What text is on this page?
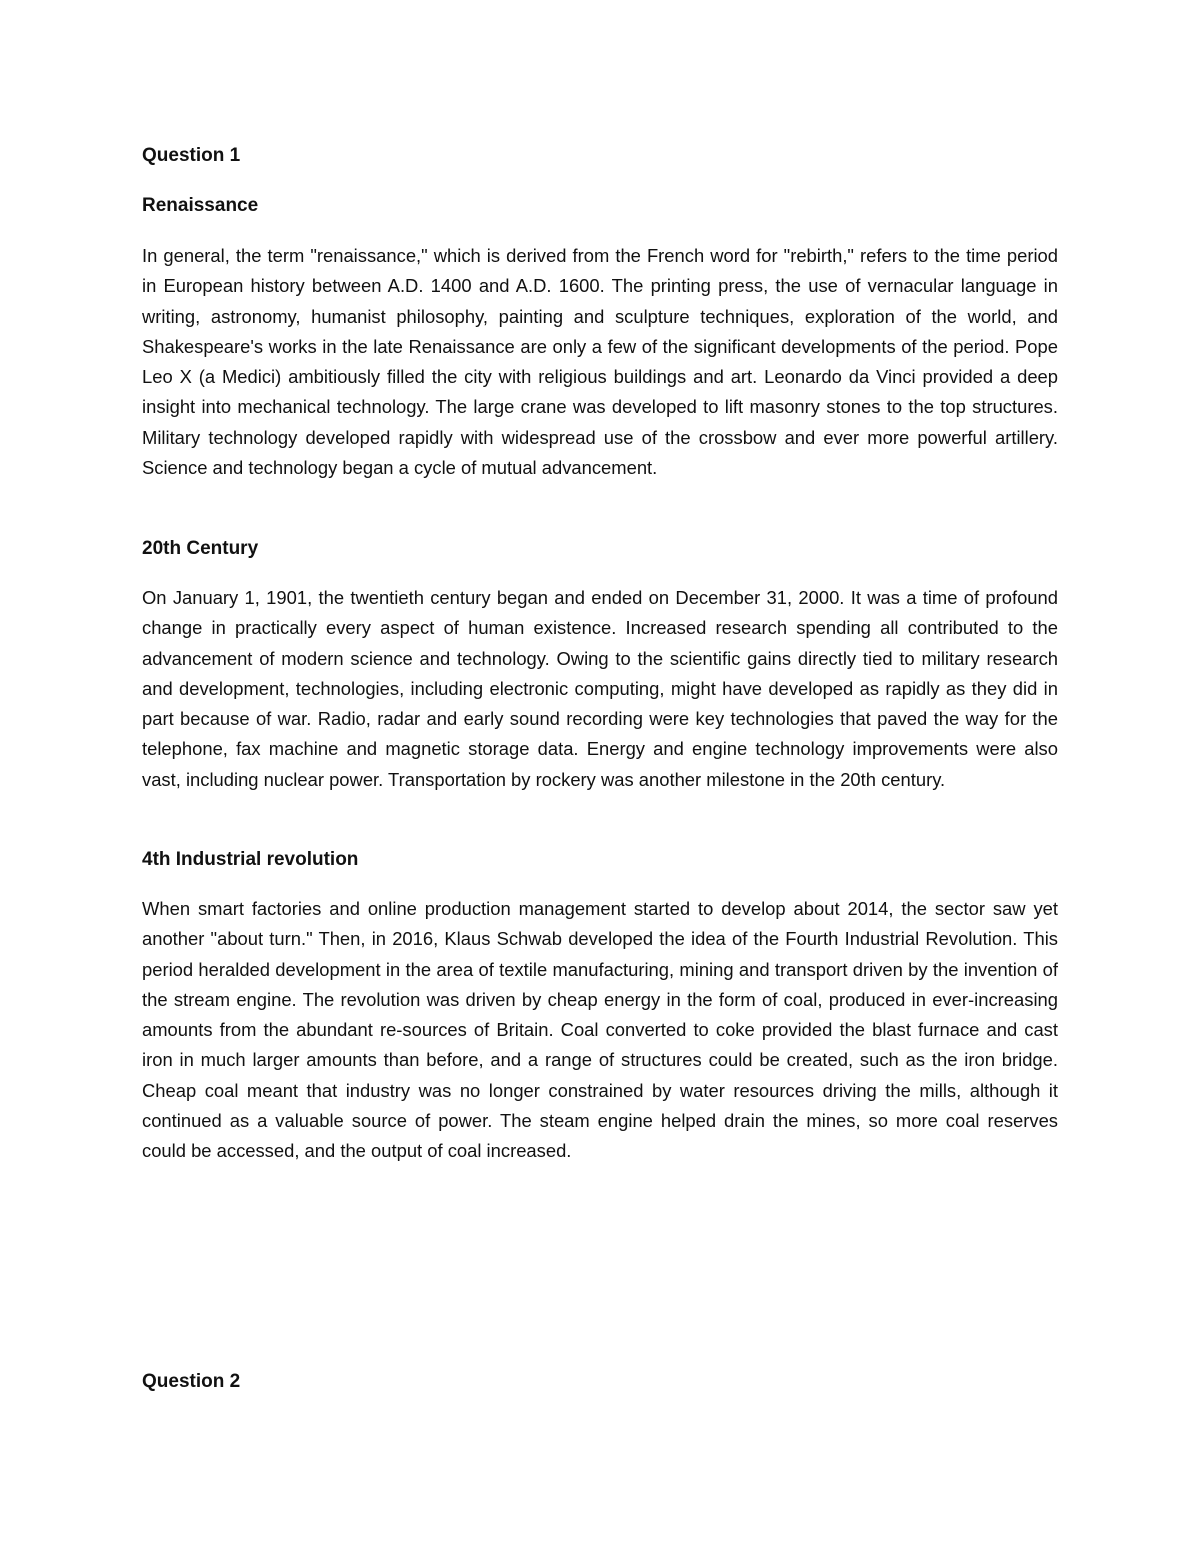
Question 1
Renaissance

In general, the term "renaissance," which is derived from the French word for "rebirth," refers to the time period in European history between A.D. 1400 and A.D. 1600. The printing press, the use of vernacular language in writing, astronomy, humanist philosophy, painting and sculpture techniques, exploration of the world, and Shakespeare's works in the late Renaissance are only a few of the significant developments of the period. Pope Leo X (a Medici) ambitiously filled the city with religious buildings and art. Leonardo da Vinci provided a deep insight into mechanical technology. The large crane was developed to lift masonry stones to the top structures. Military technology developed rapidly with widespread use of the crossbow and ever more powerful artillery. Science and technology began a cycle of mutual advancement.

20th Century

On January 1, 1901, the twentieth century began and ended on December 31, 2000. It was a time of profound change in practically every aspect of human existence. Increased research spending all contributed to the advancement of modern science and technology. Owing to the scientific gains directly tied to military research and development, technologies, including electronic computing, might have developed as rapidly as they did in part because of war. Radio, radar and early sound recording were key technologies that paved the way for the telephone, fax machine and magnetic storage data. Energy and engine technology improvements were also vast, including nuclear power. Transportation by rockery was another milestone in the 20th century.

4th Industrial revolution

When smart factories and online production management started to develop about 2014, the sector saw yet another "about turn." Then, in 2016, Klaus Schwab developed the idea of the Fourth Industrial Revolution. This period heralded development in the area of textile manufacturing, mining and transport driven by the invention of the stream engine. The revolution was driven by cheap energy in the form of coal, produced in ever-increasing amounts from the abundant re-sources of Britain. Coal converted to coke provided the blast furnace and cast iron in much larger amounts than before, and a range of structures could be created, such as the iron bridge. Cheap coal meant that industry was no longer constrained by water resources driving the mills, although it continued as a valuable source of power. The steam engine helped drain the mines, so more coal reserves could be accessed, and the output of coal increased.

Question 2
